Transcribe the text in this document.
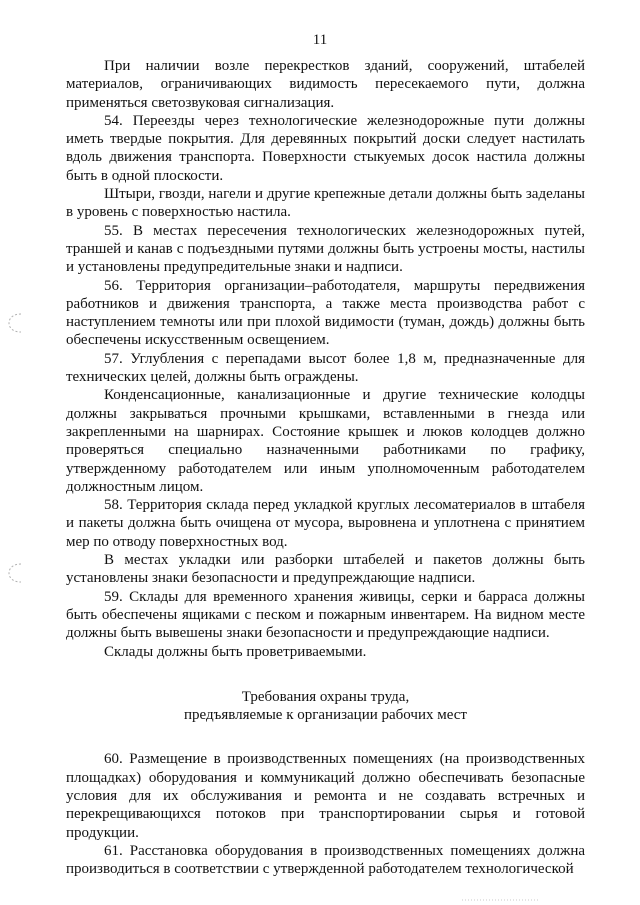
11

При наличии возле перекрестков зданий, сооружений, штабелей материалов, ограничивающих видимость пересекаемого пути, должна применяться светозвуковая сигнализация.

54. Переезды через технологические железнодорожные пути должны иметь твердые покрытия. Для деревянных покрытий доски следует настилать вдоль движения транспорта. Поверхности стыкуемых досок настила должны быть в одной плоскости.

Штыри, гвозди, нагели и другие крепежные детали должны быть заделаны в уровень с поверхностью настила.

55. В местах пересечения технологических железнодорожных путей, траншей и канав с подъездными путями должны быть устроены мосты, настилы и установлены предупредительные знаки и надписи.

56. Территория организации–работодателя, маршруты передвижения работников и движения транспорта, а также места производства работ с наступлением темноты или при плохой видимости (туман, дождь) должны быть обеспечены искусственным освещением.

57. Углубления с перепадами высот более 1,8 м, предназначенные для технических целей, должны быть ограждены.

Конденсационные, канализационные и другие технические колодцы должны закрываться прочными крышками, вставленными в гнезда или закрепленными на шарнирах. Состояние крышек и люков колодцев должно проверяться специально назначенными работниками по графику, утвержденному работодателем или иным уполномоченным работодателем должностным лицом.

58. Территория склада перед укладкой круглых лесоматериалов в штабеля и пакеты должна быть очищена от мусора, выровнена и уплотнена с принятием мер по отводу поверхностных вод.

В местах укладки или разборки штабелей и пакетов должны быть установлены знаки безопасности и предупреждающие надписи.

59. Склады для временного хранения живицы, серки и барраса должны быть обеспечены ящиками с песком и пожарным инвентарем. На видном месте должны быть вывешены знаки безопасности и предупреждающие надписи.

Склады должны быть проветриваемыми.

Требования охраны труда,
предъявляемые к организации рабочих мест

60. Размещение в производственных помещениях (на производственных площадках) оборудования и коммуникаций должно обеспечивать безопасные условия для их обслуживания и ремонта и не создавать встречных и перекрещивающихся потоков при транспортировании сырья и готовой продукции.

61. Расстановка оборудования в производственных помещениях должна производиться в соответствии с утвержденной работодателем технологической
